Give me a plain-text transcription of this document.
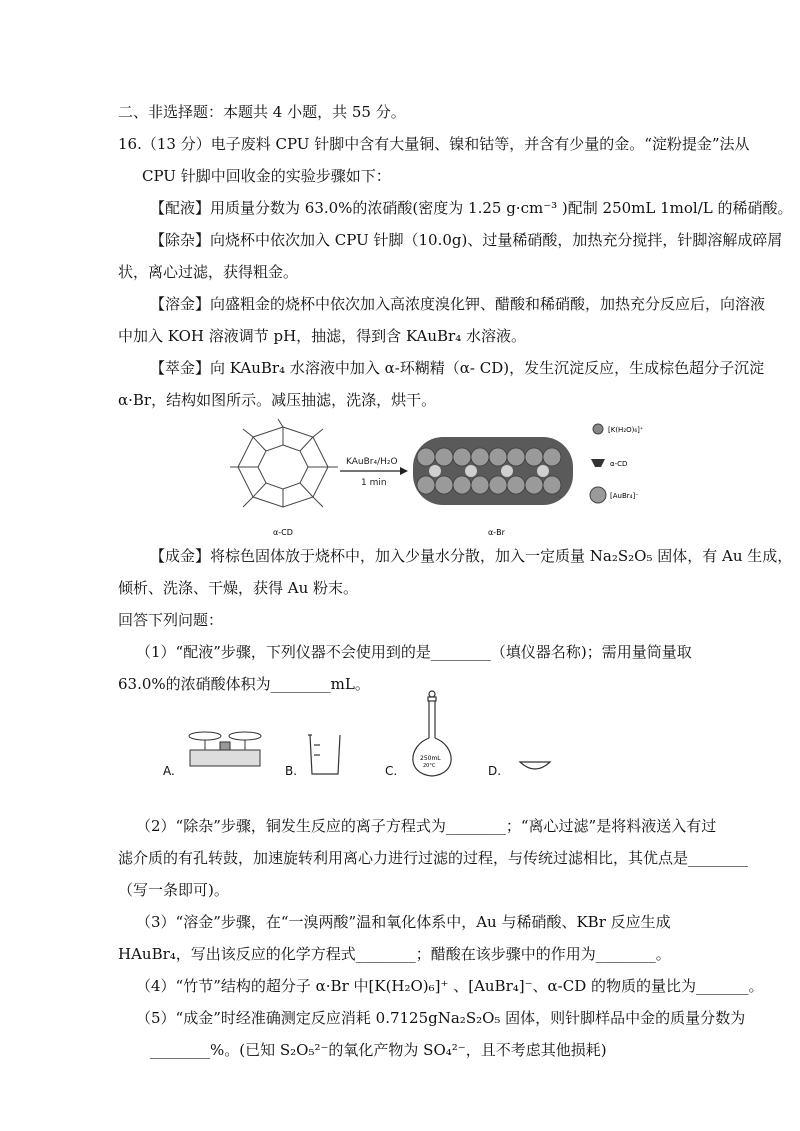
二、非选择题：本题共 4 小题，共 55 分。
16.（13 分）电子废料 CPU 针脚中含有大量铜、镍和钴等，并含有少量的金。“淀粉提金”法从
CPU 针脚中回收金的实验步骤如下：
【配液】用质量分数为 63.0%的浓硝酸(密度为 1.25 g·cm⁻³ )配制 250mL 1mol/L 的稀硝酸。
【除杂】向烧杯中依次加入 CPU 针脚（10.0g)、过量稀硝酸，加热充分搅拌，针脚溶解成碎屑
状，离心过滤，获得粗金。
【溶金】向盛粗金的烧杯中依次加入高浓度溴化钾、醋酸和稀硝酸，加热充分反应后，向溶液
中加入 KOH 溶液调节 pH，抽滤，得到含 KAuBr₄ 水溶液。
【萃金】向 KAuBr₄ 水溶液中加入 α-环糊精（α- CD)，发生沉淀反应，生成棕色超分子沉淀
α·Br，结构如图所示。减压抽滤，洗涤，烘干。
KAuBr₄/H₂O
1 min
[K(H₂O)₆]⁺
α-CD
[AuBr₄]⁻
α-CD	α-Br
【成金】将棕色固体放于烧杯中，加入少量水分散，加入一定质量 Na₂S₂O₅ 固体，有 Au 生成，
倾析、洗涤、干燥，获得 Au 粉末。
回答下列问题：
（1）“配液”步骤，下列仪器不会使用到的是________（填仪器名称)；需用量筒量取
63.0%的浓硝酸体积为________mL。
250mL
20°C
A.	B.	C.	D.
（2）“除杂”步骤，铜发生反应的离子方程式为________；“离心过滤”是将料液送入有过
滤介质的有孔转鼓，加速旋转利用离心力进行过滤的过程，与传统过滤相比，其优点是________
（写一条即可)。
（3）“溶金”步骤，在“一溴两酸”温和氧化体系中，Au 与稀硝酸、KBr 反应生成
HAuBr₄，写出该反应的化学方程式________；醋酸在该步骤中的作用为________。
（4）“竹节”结构的超分子 α·Br 中[K(H₂O)₆]⁺ 、[AuBr₄]⁻、α-CD 的物质的量比为_______。
（5）“成金”时经准确测定反应消耗 0.7125gNa₂S₂O₅ 固体，则针脚样品中金的质量分数为
________%。(已知 S₂O₅²⁻的氧化产物为 SO₄²⁻，且不考虑其他损耗)
